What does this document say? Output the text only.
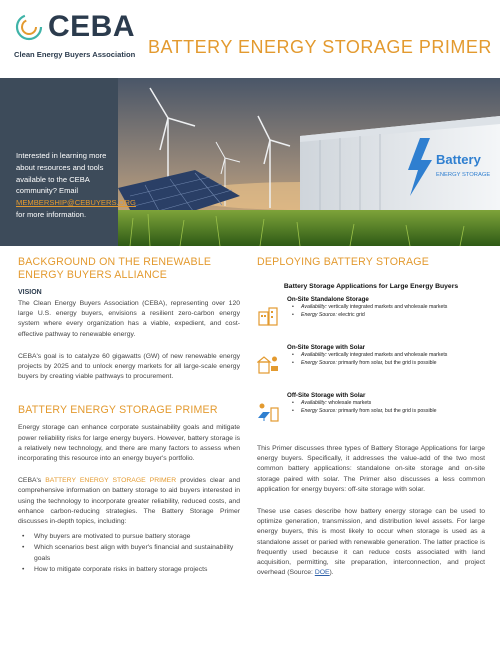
CEBA
Clean Energy Buyers Association BATTERY ENERGY STORAGE PRIMER
Battery
ENERGY STORAGE
Interested in learning more about resources and tools available to the CEBA community? Email MEMBERSHIP@CEBUYERS.ORG for more information.
BACKGROUND ON THE RENEWABLE ENERGY BUYERS ALLIANCE
VISION
The Clean Energy Buyers Association (CEBA), representing over 120 large U.S. energy buyers, envisions a resilient zero-carbon energy system where every organization has a viable, expedient, and cost-effective pathway to renewable energy.
CEBA's goal is to catalyze 60 gigawatts (GW) of new renewable energy projects by 2025 and to unlock energy markets for all large-scale energy buyers by creating viable pathways to procurement.
BATTERY ENERGY STORAGE PRIMER
Energy storage can enhance corporate sustainability goals and mitigate power reliability risks for large energy buyers. However, battery storage is a relatively new technology, and there are many factors to assess when incorporating this resource into an energy buyer's portfolio.
CEBA's BATTERY ENERGY STORAGE PRIMER provides clear and comprehensive information on battery storage to aid buyers interested in using the technology to incorporate greater reliability, reduced costs, and enhance carbon-reducing strategies. The Battery Storage Primer discusses in-depth topics, including:
• Why buyers are motivated to pursue battery storage
• Which scenarios best align with buyer's financial and sustainability goals
• How to mitigate corporate risks in battery storage projects
DEPLOYING BATTERY STORAGE
Battery Storage Applications for Large Energy Buyers
On-Site Standalone Storage
• Availability: vertically integrated markets and wholesale markets
• Energy Source: electric grid
On-Site Storage with Solar
• Availability: vertically integrated markets and wholesale markets
• Energy Source: primarily from solar, but the grid is possible
Off-Site Storage with Solar
• Availability: wholesale markets
• Energy Source: primarily from solar, but the grid is possible
This Primer discusses three types of Battery Storage Applications for large energy buyers. Specifically, it addresses the value-add of the two most common battery applications: standalone on-site storage and on-site storage paired with solar. The Primer also discusses a less common application for energy buyers: off-site storage with solar.
These use cases describe how battery energy storage can be used to optimize generation, transmission, and distribution level assets. For large energy buyers, this is most likely to occur when storage is used as a standalone asset or paried with renewable generation. The latter practice is frequently used because it can reduce costs associated with land acquisition, permitting, site preparation, interconnection, and project overhead (Source: DOE).
